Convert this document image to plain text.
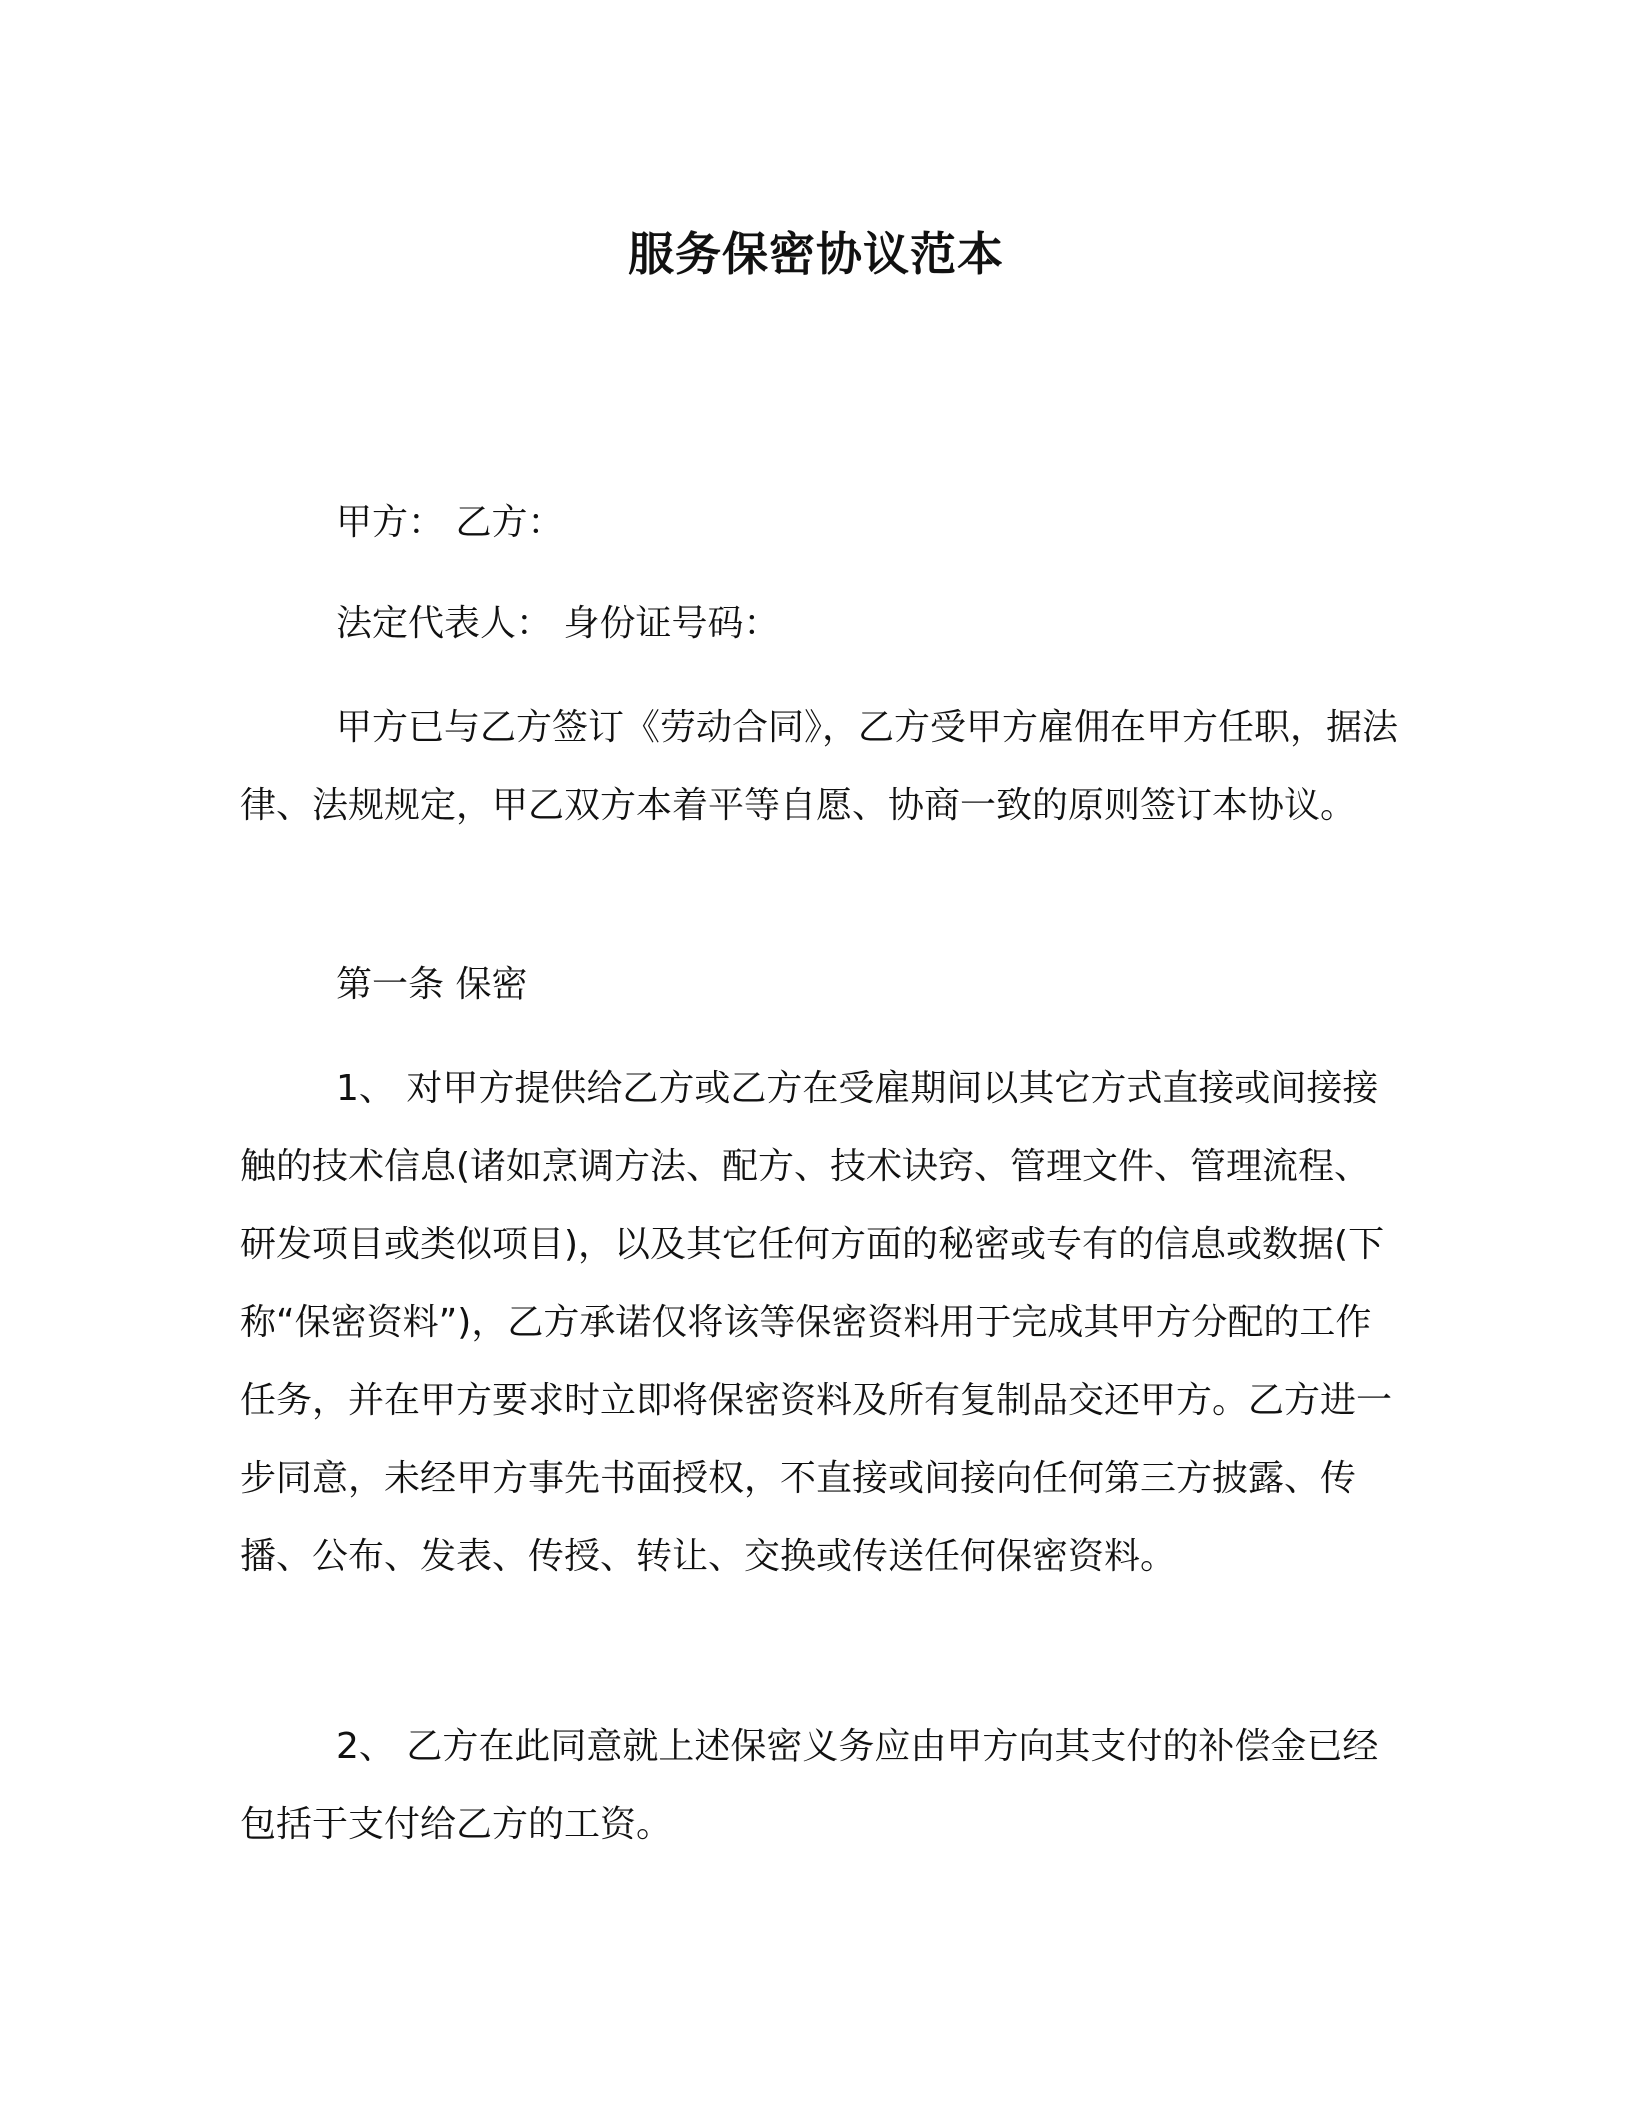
服务保密协议范本

甲方： 乙方：

法定代表人： 身份证号码：

甲方已与乙方签订《劳动合同》，乙方受甲方雇佣在甲方任职，据法律、法规规定，甲乙双方本着平等自愿、协商一致的原则签订本协议。

第一条 保密

1、 对甲方提供给乙方或乙方在受雇期间以其它方式直接或间接接触的技术信息(诸如烹调方法、配方、技术诀窍、管理文件、管理流程、研发项目或类似项目)，以及其它任何方面的秘密或专有的信息或数据(下称“保密资料”)，乙方承诺仅将该等保密资料用于完成其甲方分配的工作任务，并在甲方要求时立即将保密资料及所有复制品交还甲方。乙方进一步同意，未经甲方事先书面授权，不直接或间接向任何第三方披露、传播、公布、发表、传授、转让、交换或传送任何保密资料。

2、 乙方在此同意就上述保密义务应由甲方向其支付的补偿金已经包括于支付给乙方的工资。
